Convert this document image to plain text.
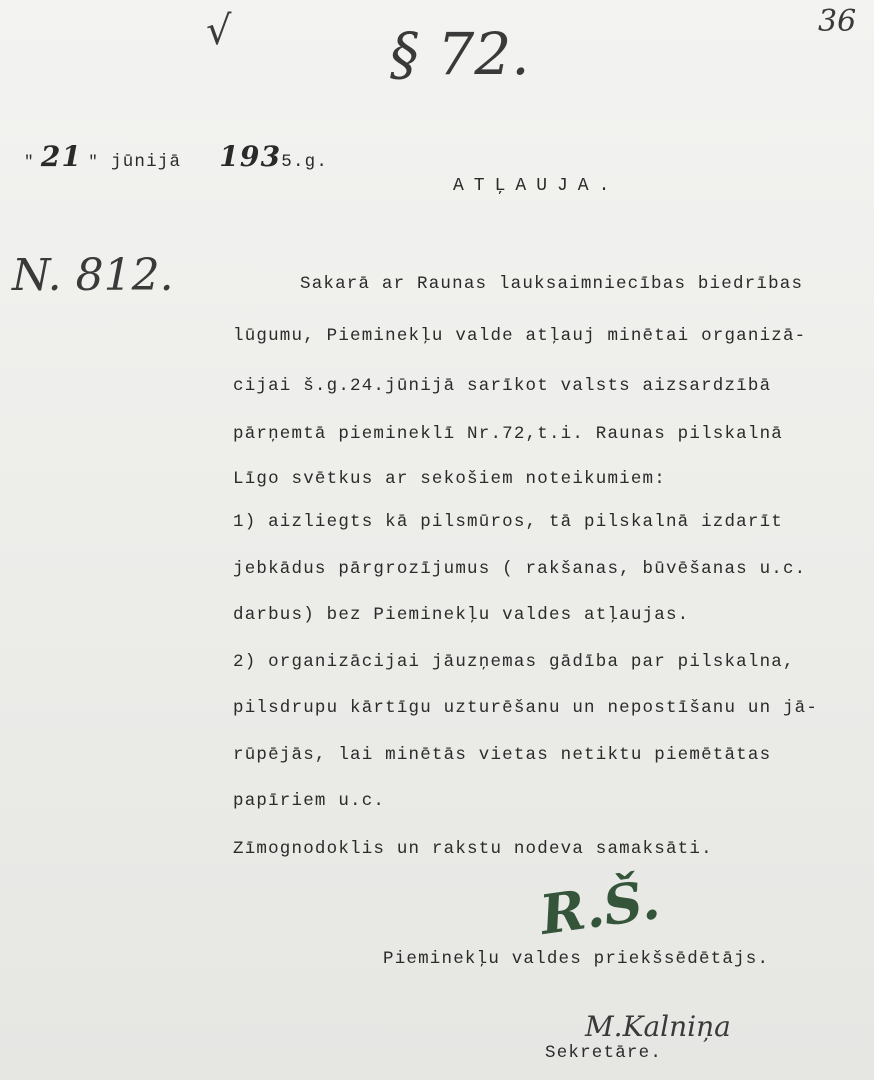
√	36
§ 72.
N. 812.
" 21 " jūnijā 193 5.g.
ATĻAUJA.
Sakarā ar Raunas lauksaimniecības biedrības
lūgumu, Pieminekļu valde atļauj minētai organizā-
cijai š.g.24.jūnijā sarīkot valsts aizsardzībā
pārņemtā piemineklī Nr.72,t.i. Raunas pilskalnā
Līgo svētkus ar sekošiem noteikumiem:
1) aizliegts kā pilsmūros, tā pilskalnā izdarīt
jebkādus pārgrozījumus ( rakšanas, būvēšanas u.c.
darbus) bez Pieminekļu valdes atļaujas.
2) organizācijai jāuzņemas gādība par pilskalna,
pilsdrupu kārtīgu uzturēšanu un nepostīšanu un jā-
rūpējās, lai minētās vietas netiktu piemētātas
papīriem u.c.
Zīmognodoklis un rakstu nodeva samaksāti.
R.Š.
Pieminekļu valdes priekšsēdētājs.
M.Kalniņa
Sekretāre.
